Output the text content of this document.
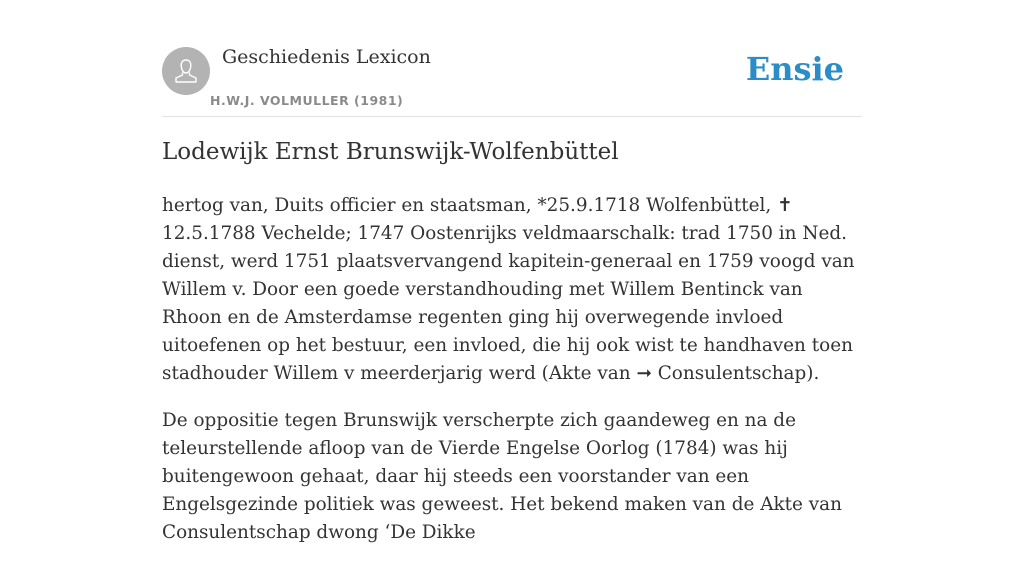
Geschiedenis Lexicon
H.W.J. VOLMULLER (1981)
Ensie
Lodewijk Ernst Brunswijk-Wolfenbüttel

hertog van, Duits officier en staatsman, *25.9.1718 Wolfenbüttel, ✝ 12.5.1788 Vechelde; 1747 Oostenrijks veldmaarschalk: trad 1750 in Ned. dienst, werd 1751 plaatsvervangend kapitein-generaal en 1759 voogd van Willem v. Door een goede verstandhouding met Willem Bentinck van Rhoon en de Amsterdamse regenten ging hij overwegende invloed uitoefenen op het bestuur, een invloed, die hij ook wist te handhaven toen stadhouder Willem v meerderjarig werd (Akte van ➞ Consulentschap).

De oppositie tegen Brunswijk verscherpte zich gaandeweg en na de teleurstellende afloop van de Vierde Engelse Oorlog (1784) was hij buitengewoon gehaat, daar hij steeds een voorstander van een Engelsgezinde politiek was geweest. Het bekend maken van de Akte van Consulentschap dwong ‘De Dikke
